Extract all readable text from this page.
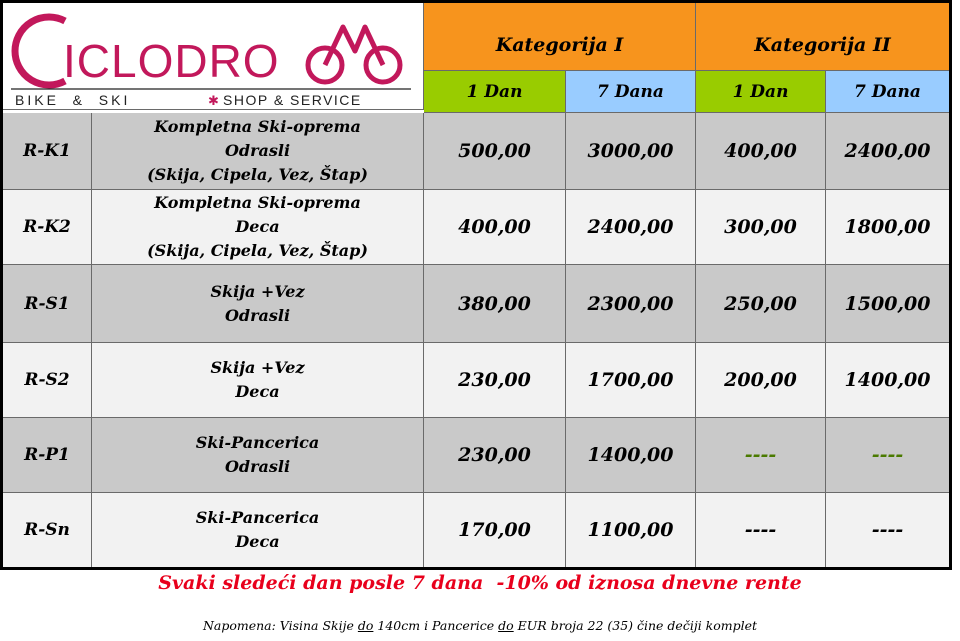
ICLODRO
BIKE  &  SKI	✱ SHOP & SERVICE
Kategorija I	Kategorija II
1 Dan	7 Dana	1 Dan	7 Dana
R-K1
Kompletna Ski-oprema
Odrasli
(Skija, Cipela, Vez, Štap)
500,00	3000,00	400,00	2400,00
R-K2
Kompletna Ski-oprema
Deca
(Skija, Cipela, Vez, Štap)
400,00	2400,00	300,00	1800,00
R-S1
Skija +Vez
Odrasli
380,00	2300,00	250,00	1500,00
R-S2
Skija +Vez
Deca
230,00	1700,00	200,00	1400,00
R-P1
Ski-Pancerica
Odrasli
230,00	1400,00	----	----
R-Sn
Ski-Pancerica
Deca
170,00	1100,00	----	----
Svaki sledeći dan posle 7 dana  -10% od iznosa dnevne rente
Napomena: Visina Skije do 140cm i Pancerice do EUR broja 22 (35) čine dečiji komplet
